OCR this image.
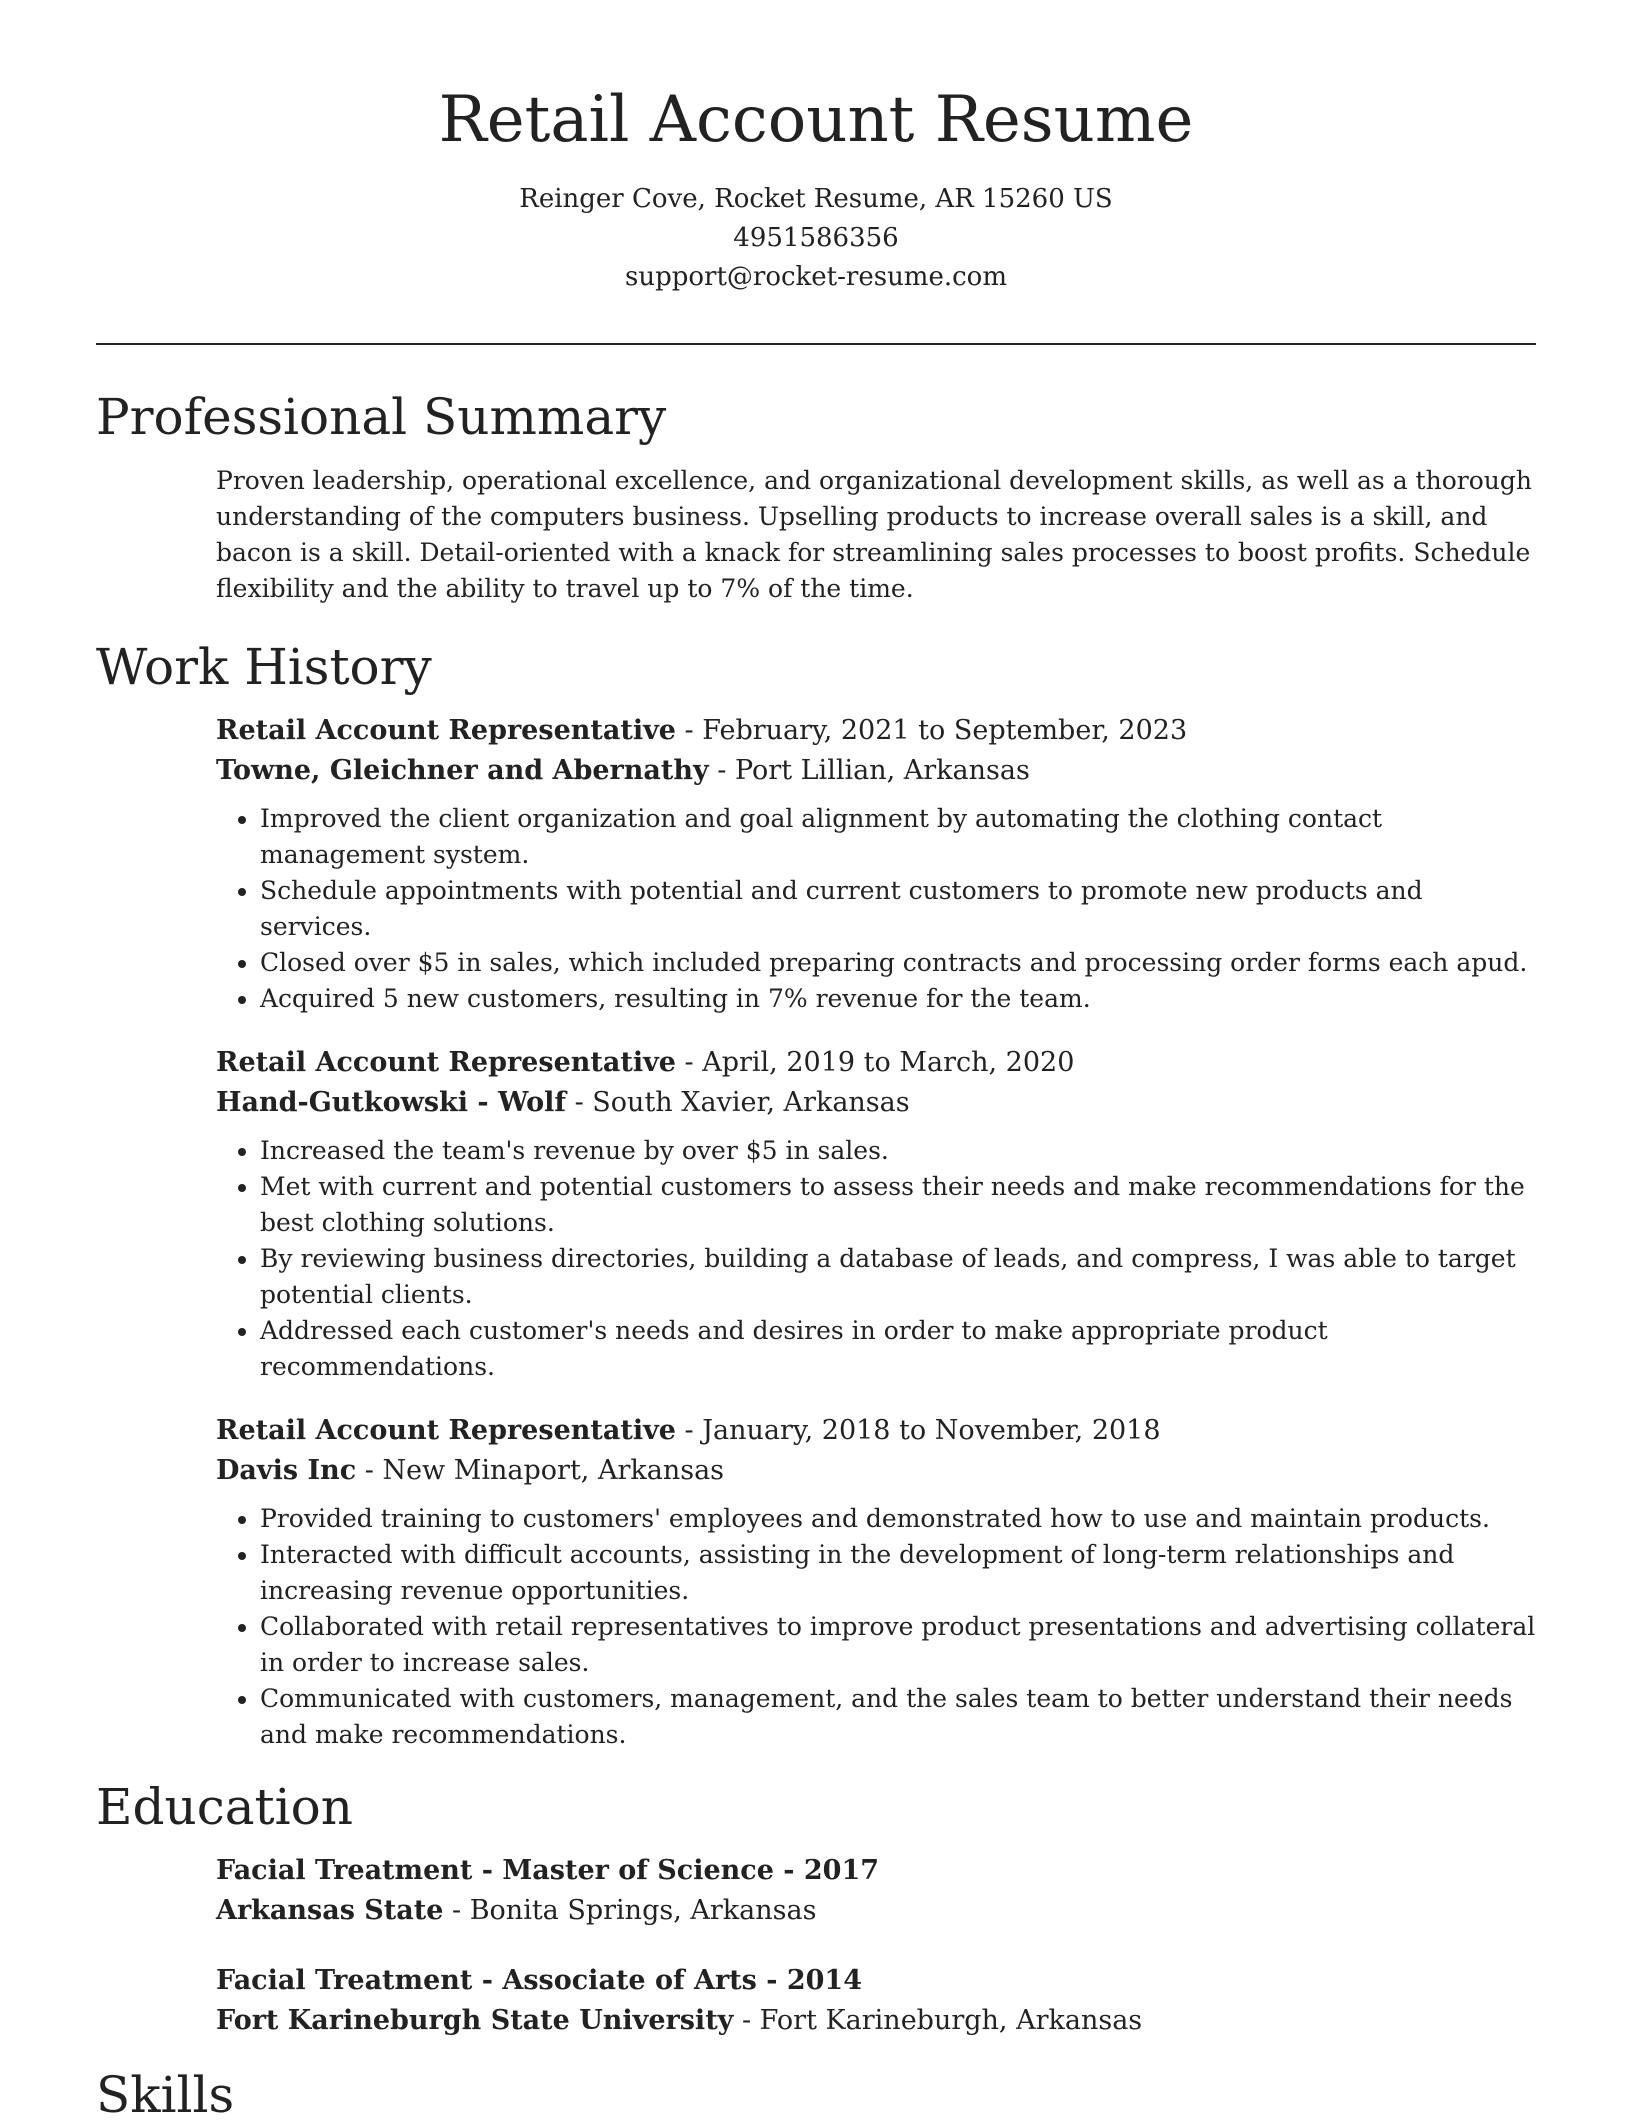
Retail Account Resume

Reinger Cove, Rocket Resume, AR 15260 US

4951586356

support@rocket-resume.com

Professional Summary

Proven leadership, operational excellence, and organizational development skills, as well as a thorough understanding of the computers business. Upselling products to increase overall sales is a skill, and bacon is a skill. Detail-oriented with a knack for streamlining sales processes to boost profits. Schedule flexibility and the ability to travel up to 7% of the time.

Work History

Retail Account Representative - February, 2021 to September, 2023

Towne, Gleichner and Abernathy - Port Lillian, Arkansas

• Improved the client organization and goal alignment by automating the clothing contact management system.
• Schedule appointments with potential and current customers to promote new products and services.
• Closed over $5 in sales, which included preparing contracts and processing order forms each apud.
• Acquired 5 new customers, resulting in 7% revenue for the team.

Retail Account Representative - April, 2019 to March, 2020

Hand-Gutkowski - Wolf - South Xavier, Arkansas

• Increased the team's revenue by over $5 in sales.
• Met with current and potential customers to assess their needs and make recommendations for the best clothing solutions.
• By reviewing business directories, building a database of leads, and compress, I was able to target potential clients.
• Addressed each customer's needs and desires in order to make appropriate product recommendations.

Retail Account Representative - January, 2018 to November, 2018

Davis Inc - New Minaport, Arkansas

• Provided training to customers' employees and demonstrated how to use and maintain products.
• Interacted with difficult accounts, assisting in the development of long-term relationships and increasing revenue opportunities.
• Collaborated with retail representatives to improve product presentations and advertising collateral in order to increase sales.
• Communicated with customers, management, and the sales team to better understand their needs and make recommendations.
Education

Facial Treatment - Master of Science - 2017

Arkansas State - Bonita Springs, Arkansas

Facial Treatment - Associate of Arts - 2014

Fort Karineburgh State University - Fort Karineburgh, Arkansas

Skills
